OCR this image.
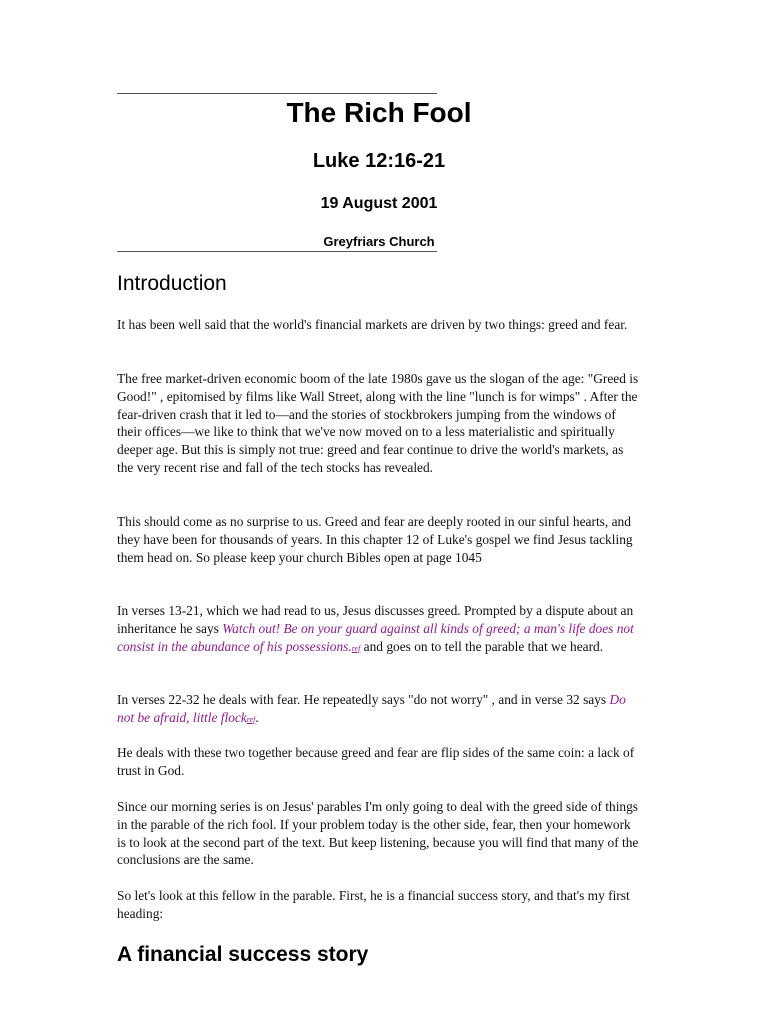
The Rich Fool
Luke 12:16-21
19 August 2001
Greyfriars Church
Introduction

It has been well said that the world's financial markets are driven by two things: greed and fear.

The free market-driven economic boom of the late 1980s gave us the slogan of the age: "Greed is Good!" , epitomised by films like Wall Street, along with the line "lunch is for wimps" . After the fear-driven crash that it led to—and the stories of stockbrokers jumping from the windows of their offices—we like to think that we've now moved on to a less materialistic and spiritually deeper age. But this is simply not true: greed and fear continue to drive the world's markets, as the very recent rise and fall of the tech stocks has revealed.

This should come as no surprise to us. Greed and fear are deeply rooted in our sinful hearts, and they have been for thousands of years. In this chapter 12 of Luke's gospel we find Jesus tackling them head on. So please keep your church Bibles open at page 1045

In verses 13-21, which we had read to us, Jesus discusses greed. Prompted by a dispute about an inheritance he says Watch out! Be on your guard against all kinds of greed; a man's life does not consist in the abundance of his possessions.ref and goes on to tell the parable that we heard.

In verses 22-32 he deals with fear. He repeatedly says "do not worry" , and in verse 32 says Do not be afraid, little flockref.

He deals with these two together because greed and fear are flip sides of the same coin: a lack of trust in God.

Since our morning series is on Jesus' parables I'm only going to deal with the greed side of things in the parable of the rich fool. If your problem today is the other side, fear, then your homework is to look at the second part of the text. But keep listening, because you will find that many of the conclusions are the same.

So let's look at this fellow in the parable. First, he is a financial success story, and that's my first heading:

A financial success story
